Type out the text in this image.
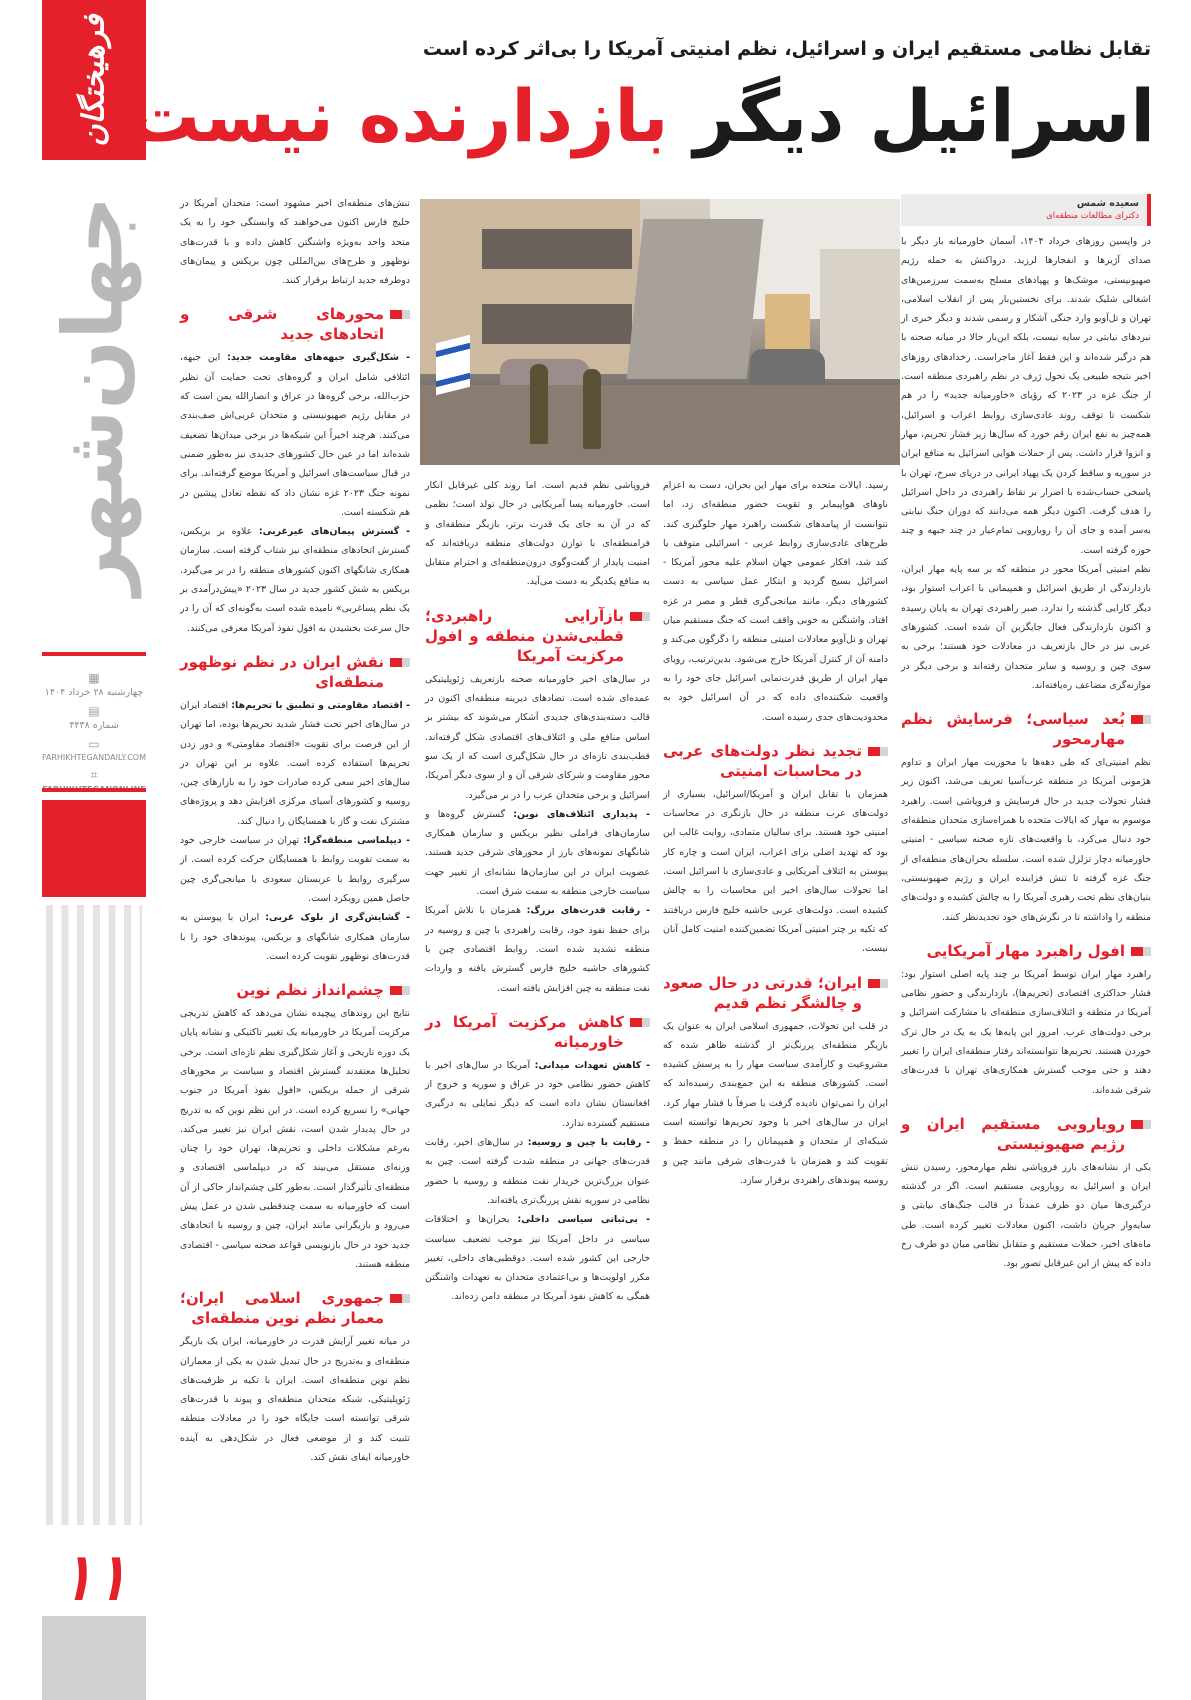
فرهیختگان
جهان‌شهر
▦
چهارشنبه ۲۸ خرداد ۱۴۰۴
▤
شماره ۴۴۳۸
▭
FARHIKHTEGANDAILY.COM
⌗
۱۱
تقابل نظامی مستقیم ایران و اسرائیل، نظم امنیتی آمریکا را بی‌اثر کرده است
اسرائیل دیگر بازدارنده نیست
سعیده شمس
دکترای مطالعات منطقه‌ای

در واپسین روزهای خرداد ۱۴۰۴، آسمان خاورمیانه بار دیگر با صدای آژیرها و انفجارها لرزید. درواکنش به حمله رژیم صهیونیستی، موشک‌ها و پهپادهای مسلح به‌سمت سرزمین‌های اشغالی شلیک شدند. برای نخستین‌بار پس از انقلاب اسلامی، تهران و تل‌آویو وارد جنگی آشکار و رسمی شدند و دیگر خبری از نبردهای نیابتی در سایه نیست، بلکه این‌بار حالا در میانه صحنه با هم درگیر شده‌اند و این فقط آغاز ماجراست. رخدادهای روزهای اخیر نتیجه طبیعی یک تحول ژرف در نظم راهبردی منطقه است. از جنگ غزه در ۲۰۲۳ که رؤیای «خاورمیانه جدید» را در هم شکست تا توقف روند عادی‌سازی روابط اعراب و اسرائیل، همه‌چیز به نفع ایران رقم خورد که سال‌ها زیر فشار تحریم، مهار و انزوا قرار داشت. پس از حملات هوایی اسرائیل به منافع ایران در سوریه و ساقط کردن یک پهپاد ایرانی در دریای سرخ، تهران با پاسخی حساب‌شده با اصرار بر نقاط راهبردی در داخل اسرائیل را هدف گرفت. اکنون دیگر همه می‌دانند که دوران جنگ نیابتی به‌سر آمده و جای آن را رویارویی تمام‌عیار در چند جبهه و چند حوزه گرفته است.

نظم امنیتی آمریکا محور در منطقه که بر سه پایه مهار ایران، بازدارندگی از طریق اسرائیل و همپیمانی با اعراب استوار بود، دیگر کارایی گذشته را ندارد. صبر راهبردی تهران به پایان رسیده و اکنون بازدارندگی فعال جایگزین آن شده است. کشورهای عربی نیز در حال بازتعریف در معادلات خود هستند؛ برخی به سوی چین و روسیه و سایر متحدان رفته‌اند و برخی دیگر در موازنه‌گری مضاعف ره‌یافته‌اند.

بُعد سیاسی؛ فرسایش نظم مهارمحور

نظم امنیتی‌ای که طی دهه‌ها با محوریت مهار ایران و تداوم هژمونی آمریکا در منطقه غرب‌آسیا تعریف می‌شد، اکنون زیر فشار تحولات جدید در حال فرسایش و فروپاشی است. راهبرد موسوم به مهار که ایالات متحده با همراه‌سازی متحدان منطقه‌ای خود دنبال می‌کرد، با واقعیت‌های تازه صحنه سیاسی - امنیتی خاورمیانه دچار تزلزل شده است. سلسله بحران‌های منطقه‌ای از جنگ غزه گرفته تا تنش فزاینده ایران و رژیم صهیونیستی، بنیان‌های نظم تحت رهبری آمریکا را به چالش کشیده و دولت‌های منطقه را واداشته تا در نگرش‌های خود تجدیدنظر کنند.

افول راهبرد مهار آمریکایی

راهبرد مهار ایران توسط آمریکا بر چند پایه اصلی استوار بود: فشار حداکثری اقتصادی (تحریم‌ها)، بازدارندگی و حضور نظامی آمریکا در منطقه و ائتلاف‌سازی منطقه‌ای با مشارکت اسرائیل و برخی دولت‌های عرب. امروز این پایه‌ها یک به یک در حال ترک خوردن هستند. تحریم‌ها نتوانسته‌اند رفتار منطقه‌ای ایران را تغییر دهند و حتی موجب گسترش همکاری‌های تهران با قدرت‌های شرقی شده‌اند.

رویارویی مستقیم ایران و رژیم صهیونیستی

یکی از نشانه‌های بارز فروپاشی نظم مهارمحور، رسیدن تنش ایران و اسرائیل به رویارویی مستقیم است. اگر در گذشته درگیری‌ها میان دو طرف عمدتاً در قالب جنگ‌های نیابتی و سایه‌وار جریان داشت، اکنون معادلات تغییر کرده است. طی ماه‌های اخیر، حملات مستقیم و متقابل نظامی میان دو طرف رخ داده که پیش از این غیرقابل تصور بود.

رسید. ایالات متحده برای مهار این بحران، دست به اعزام ناوهای هواپیمابر و تقویت حضور منطقه‌ای زد، اما نتوانست از پیامدهای شکست راهبرد مهار جلوگیری کند. طرح‌های عادی‌سازی روابط عربی - اسرائیلی متوقف یا کند شد، افکار عمومی جهان اسلام علیه محور آمریکا - اسرائیل بسیج گردید و ابتکار عمل سیاسی به دست کشورهای دیگر، مانند میانجی‌گری قطر و مصر در غزه افتاد. واشنگتن به خوبی واقف است که جنگ مستقیم میان تهران و تل‌آویو معادلات امنیتی منطقه را دگرگون می‌کند و دامنه آن از کنترل آمریکا خارج می‌شود. بدین‌ترتیب، رویای مهار ایران از طریق قدرت‌نمایی اسرائیل جای خود را به واقعیت شکننده‌ای داده که در آن اسرائیل خود به محدودیت‌های جدی رسیده است.

تجدید نظر دولت‌های عربی در محاسبات امنیتی

همزمان با تقابل ایران و آمریکا/اسرائیل، بسیاری از دولت‌های عرب منطقه در حال بازنگری در محاسبات امنیتی خود هستند. برای سالیان متمادی، روایت غالب این بود که تهدید اصلی برای اعراب، ایران است و چاره کار پیوستن به ائتلاف آمریکایی و عادی‌سازی با اسرائیل است. اما تحولات سال‌های اخیر این محاسبات را به چالش کشیده است. دولت‌های عربی حاشیه خلیج فارس دریافتند که تکیه بر چتر امنیتی آمریکا تضمین‌کننده امنیت کامل آنان نیست.

ایران؛ قدرتی در حال صعود و چالشگر نظم قدیم

در قلب این تحولات، جمهوری اسلامی ایران به عنوان یک بازیگر منطقه‌ای پررنگ‌تر از گذشته ظاهر شده که مشروعیت و کارآمدی سیاست مهار را به پرسش کشیده است. کشورهای منطقه به این جمع‌بندی رسیده‌اند که ایران را نمی‌توان نادیده گرفت یا صرفاً با فشار مهار کرد. ایران در سال‌های اخیر با وجود تحریم‌ها توانسته است شبکه‌ای از متحدان و همپیمانان را در منطقه حفظ و تقویت کند و همزمان با قدرت‌های شرقی مانند چین و روسیه پیوندهای راهبردی برقرار سازد.

فروپاشی نظم قدیم است. اما روند کلی غیرقابل انکار است. خاورمیانه پسا آمریکایی در حال تولد است؛ نظمی که در آن به جای یک قدرت برتر، بازیگر منطقه‌ای و فرامنطقه‌ای با توازن دولت‌های منطقه دریافته‌اند که امنیت پایدار از گفت‌وگوی درون‌منطقه‌ای و احترام متقابل به منافع یکدیگر به دست می‌آید.

بازآرایی راهبردی؛ قطبی‌شدن منطقه و افول مرکزیت آمریکا

در سال‌های اخیر خاورمیانه صحنه بازتعریف ژئوپلیتیکی عمده‌ای شده است. تضادهای دیرینه منطقه‌ای اکنون در قالب دسته‌بندی‌های جدیدی آشکار می‌شوند که بیشتر بر اساس منافع ملی و ائتلاف‌های اقتصادی شکل گرفته‌اند. قطب‌بندی تازه‌ای در حال شکل‌گیری است که از یک سو محور مقاومت و شرکای شرقی آن و از سوی دیگر آمریکا، اسرائیل و برخی متحدان عرب را در بر می‌گیرد.

- پدیداری ائتلاف‌های نوین: گسترش گروه‌ها و سازمان‌های فراملی نظیر بریکس و سازمان همکاری شانگهای نمونه‌های بارز از محورهای شرقی جدید هستند. عضویت ایران در این سازمان‌ها نشانه‌ای از تغییر جهت سیاست خارجی منطقه به سمت شرق است.

- رقابت قدرت‌های بزرگ: همزمان با تلاش آمریکا برای حفظ نفوذ خود، رقابت راهبردی با چین و روسیه در منطقه تشدید شده است. روابط اقتصادی چین با کشورهای حاشیه خلیج فارس گسترش یافته و واردات نفت منطقه به چین افزایش یافته است.

کاهش مرکزیت آمریکا در خاورمیانه

- کاهش تعهدات میدانی: آمریکا در سال‌های اخیر با کاهش حضور نظامی خود در عراق و سوریه و خروج از افغانستان نشان داده است که دیگر تمایلی به درگیری مستقیم گسترده ندارد.

- رقابت با چین و روسیه: در سال‌های اخیر، رقابت قدرت‌های جهانی در منطقه شدت گرفته است. چین به عنوان بزرگ‌ترین خریدار نفت منطقه و روسیه با حضور نظامی در سوریه نقش پررنگ‌تری یافته‌اند.

- بی‌ثباتی سیاسی داخلی: بحران‌ها و اختلافات سیاسی در داخل آمریکا نیز موجب تضعیف سیاست خارجی این کشور شده است. دوقطبی‌های داخلی، تغییر مکرر اولویت‌ها و بی‌اعتمادی متحدان به تعهدات واشنگتن همگی به کاهش نفوذ آمریکا در منطقه دامن زده‌اند.

تنش‌های منطقه‌ای اخیر مشهود است: متحدان آمریکا در خلیج فارس اکنون می‌خواهند که وابستگی خود را به یک متحد واحد به‌ویژه واشنگتن کاهش داده و با قدرت‌های نوظهور و طرح‌های بین‌المللی چون بریکس و پیمان‌های دوطرفه جدید ارتباط برقرار کنند.

محورهای شرقی و اتحادهای جدید

- شکل‌گیری جبهه‌های مقاومت جدید: این جبهه، ائتلافی شامل ایران و گروه‌های تحت حمایت آن نظیر حزب‌الله، برخی گروه‌ها در عراق و انصارالله یمن است که در مقابل رژیم صهیونیستی و متحدان غربی‌اش صف‌بندی می‌کنند. هرچند اخیراً این شبکه‌ها در برخی میدان‌ها تضعیف شده‌اند اما در عین حال کشورهای جدیدی نیز به‌طور ضمنی در قبال سیاست‌های اسرائیل و آمریکا موضع گرفته‌اند. برای نمونه جنگ ۲۰۲۳ غزه نشان داد که نقطه تعادل پیشین در هم شکسته است.

- گسترش پیمان‌های غیرغربی: علاوه بر بریکس، گسترش اتحادهای منطقه‌ای نیز شتاب گرفته است. سازمان همکاری شانگهای اکنون کشورهای منطقه را در بر می‌گیرد. بریکس به شش کشور جدید در سال ۲۰۲۳ «پیش‌درآمدی بر یک نظم پساغربی» نامیده شده است به‌گونه‌ای که آن را در حال سرعت بخشیدن به افول نفوذ آمریکا معرفی می‌کنند.

نقش ایران در نظم نوظهور منطقه‌ای

- اقتصاد مقاومتی و تطبیق با تحریم‌ها: اقتصاد ایران در سال‌های اخیر تحت فشار شدید تحریم‌ها بوده، اما تهران از این فرصت برای تقویت «اقتصاد مقاومتی» و دور زدن تحریم‌ها استفاده کرده است. علاوه بر این تهران در سال‌های اخیر سعی کرده صادرات خود را به بازارهای چین، روسیه و کشورهای آسیای مرکزی افزایش دهد و پروژه‌های مشترک نفت و گاز با همسایگان را دنبال کند.

- دیپلماسی منطقه‌گرا: تهران در سیاست خارجی خود به سمت تقویت روابط با همسایگان حرکت کرده است. از سرگیری روابط با عربستان سعودی با میانجی‌گری چین حاصل همین رویکرد است.

- گشایش‌گری از بلوک غربی: ایران با پیوستن به سازمان همکاری شانگهای و بریکس، پیوندهای خود را با قدرت‌های نوظهور تقویت کرده است.

چشم‌انداز نظم نوین

نتایج این روندهای پیچیده نشان می‌دهد که کاهش تدریجی مرکزیت آمریکا در خاورمیانه یک تغییر تاکتیکی و نشانه پایان یک دوره تاریخی و آغاز شکل‌گیری نظم تازه‌ای است. برخی تحلیل‌ها معتقدند گسترش اقتصاد و سیاست بر محورهای شرقی از جمله بریکس، «افول نفوذ آمریکا در جنوب جهانی» را تسریع کرده است. در این نظم نوین که به تدریج در حال پدیدار شدن است، نقش ایران نیز تغییر می‌کند. به‌رغم مشکلات داخلی و تحریم‌ها، تهران خود را چنان وزنه‌ای مستقل می‌بیند که در دیپلماسی اقتصادی و منطقه‌ای تأثیرگذار است. به‌طور کلی چشم‌انداز حاکی از آن است که خاورمیانه به سمت چندقطبی شدن در عمل پیش می‌رود و بازیگرانی مانند ایران، چین و روسیه با اتحادهای جدید خود در حال بازنویسی قواعد صحنه سیاسی - اقتصادی منطقه هستند.

جمهوری اسلامی ایران؛ معمار نظم نوین منطقه‌ای

در میانه تغییر آرایش قدرت در خاورمیانه، ایران یک بازیگر منطقه‌ای و به‌تدریج در حال تبدیل شدن به یکی از معماران نظم نوین منطقه‌ای است. ایران با تکیه بر ظرفیت‌های ژئوپلیتیکی، شبکه متحدان منطقه‌ای و پیوند با قدرت‌های شرقی توانسته است جایگاه خود را در معادلات منطقه تثبیت کند و از موضعی فعال در شکل‌دهی به آینده خاورمیانه ایفای نقش کند.
